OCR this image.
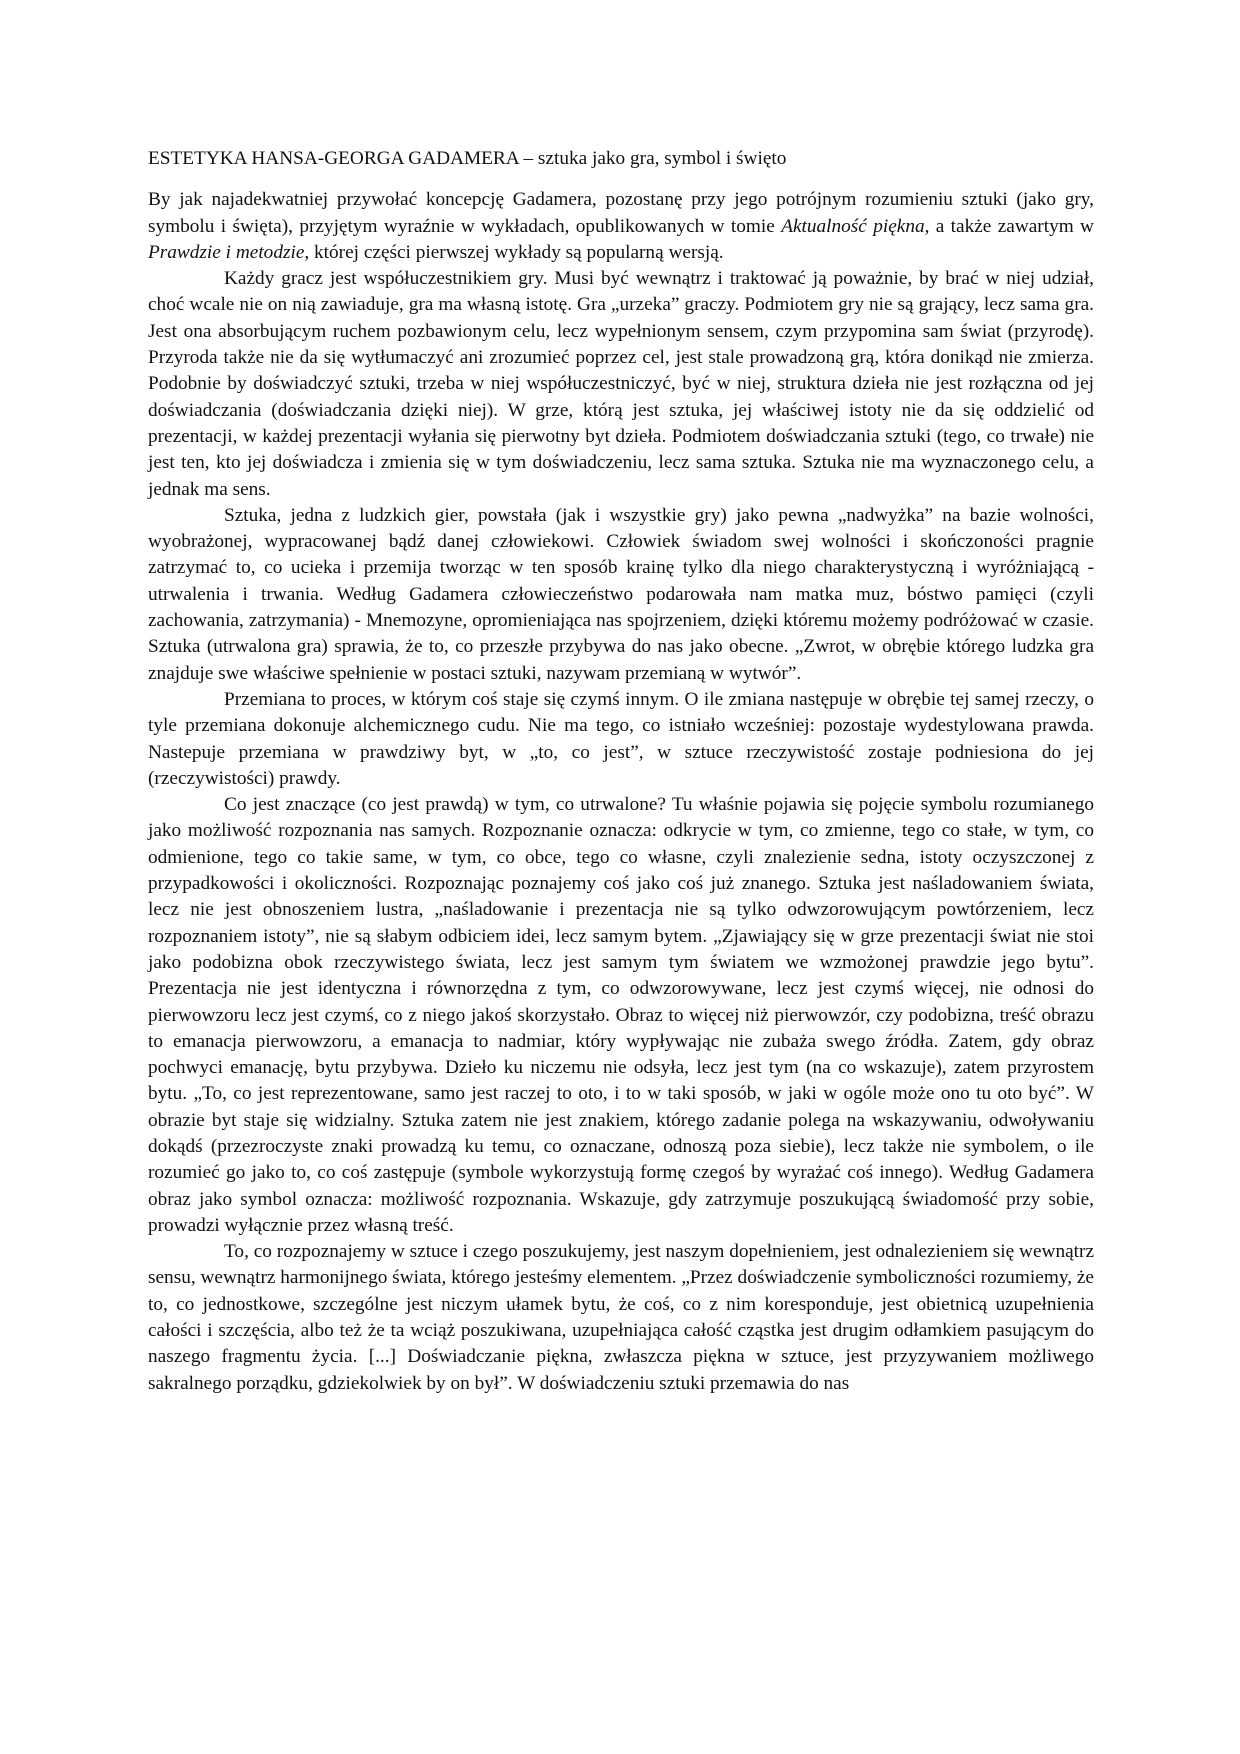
ESTETYKA HANSA-GEORGA GADAMERA – sztuka jako gra, symbol i święto

By jak najadekwatniej przywołać koncepcję Gadamera, pozostanę przy jego potrójnym rozumieniu sztuki (jako gry, symbolu i święta), przyjętym wyraźnie w wykładach, opublikowanych w tomie Aktualność piękna, a także zawartym w Prawdzie i metodzie, której części pierwszej wykłady są popularną wersją.

Każdy gracz jest współuczestnikiem gry. Musi być wewnątrz i traktować ją poważnie, by brać w niej udział, choć wcale nie on nią zawiaduje, gra ma własną istotę. Gra „urzeka” graczy. Podmiotem gry nie są grający, lecz sama gra. Jest ona absorbującym ruchem pozbawionym celu, lecz wypełnionym sensem, czym przypomina sam świat (przyrodę). Przyroda także nie da się wytłumaczyć ani zrozumieć poprzez cel, jest stale prowadzoną grą, która donikąd nie zmierza. Podobnie by doświadczyć sztuki, trzeba w niej współuczestniczyć, być w niej, struktura dzieła nie jest rozłączna od jej doświadczania (doświadczania dzięki niej). W grze, którą jest sztuka, jej właściwej istoty nie da się oddzielić od prezentacji, w każdej prezentacji wyłania się pierwotny byt dzieła. Podmiotem doświadczania sztuki (tego, co trwałe) nie jest ten, kto jej doświadcza i zmienia się w tym doświadczeniu, lecz sama sztuka. Sztuka nie ma wyznaczonego celu, a jednak ma sens.

Sztuka, jedna z ludzkich gier, powstała (jak i wszystkie gry) jako pewna „nadwyżka” na bazie wolności, wyobrażonej, wypracowanej bądź danej człowiekowi. Człowiek świadom swej wolności i skończoności pragnie zatrzymać to, co ucieka i przemija tworząc w ten sposób krainę tylko dla niego charakterystyczną i wyróżniającą - utrwalenia i trwania. Według Gadamera człowieczeństwo podarowała nam matka muz, bóstwo pamięci (czyli zachowania, zatrzymania) - Mnemozyne, opromieniająca nas spojrzeniem, dzięki któremu możemy podróżować w czasie. Sztuka (utrwalona gra) sprawia, że to, co przeszłe przybywa do nas jako obecne. „Zwrot, w obrębie którego ludzka gra znajduje swe właściwe spełnienie w postaci sztuki, nazywam przemianą w wytwór”.

Przemiana to proces, w którym coś staje się czymś innym. O ile zmiana następuje w obrębie tej samej rzeczy, o tyle przemiana dokonuje alchemicznego cudu. Nie ma tego, co istniało wcześniej: pozostaje wydestylowana prawda. Nastepuje przemiana w prawdziwy byt, w „to, co jest”, w sztuce rzeczywistość zostaje podniesiona do jej (rzeczywistości) prawdy.

Co jest znaczące (co jest prawdą) w tym, co utrwalone? Tu właśnie pojawia się pojęcie symbolu rozumianego jako możliwość rozpoznania nas samych. Rozpoznanie oznacza: odkrycie w tym, co zmienne, tego co stałe, w tym, co odmienione, tego co takie same, w tym, co obce, tego co własne, czyli znalezienie sedna, istoty oczyszczonej z przypadkowości i okoliczności. Rozpoznając poznajemy coś jako coś już znanego. Sztuka jest naśladowaniem świata, lecz nie jest obnoszeniem lustra, „naśladowanie i prezentacja nie są tylko odwzorowującym powtórzeniem, lecz rozpoznaniem istoty”, nie są słabym odbiciem idei, lecz samym bytem. „Zjawiający się w grze prezentacji świat nie stoi jako podobizna obok rzeczywistego świata, lecz jest samym tym światem we wzmożonej prawdzie jego bytu”. Prezentacja nie jest identyczna i równorzędna z tym, co odwzorowywane, lecz jest czymś więcej, nie odnosi do pierwowzoru lecz jest czymś, co z niego jakoś skorzystało. Obraz to więcej niż pierwowzór, czy podobizna, treść obrazu to emanacja pierwowzoru, a emanacja to nadmiar, który wypływając nie zubaża swego źródła. Zatem, gdy obraz pochwyci emanację, bytu przybywa. Dzieło ku niczemu nie odsyła, lecz jest tym (na co wskazuje), zatem przyrostem bytu. „To, co jest reprezentowane, samo jest raczej to oto, i to w taki sposób, w jaki w ogóle może ono tu oto być”. W obrazie byt staje się widzialny. Sztuka zatem nie jest znakiem, którego zadanie polega na wskazywaniu, odwoływaniu dokądś (przezroczyste znaki prowadzą ku temu, co oznaczane, odnoszą poza siebie), lecz także nie symbolem, o ile rozumieć go jako to, co coś zastępuje (symbole wykorzystują formę czegoś by wyrażać coś innego). Według Gadamera obraz jako symbol oznacza: możliwość rozpoznania. Wskazuje, gdy zatrzymuje poszukującą świadomość przy sobie, prowadzi wyłącznie przez własną treść.

To, co rozpoznajemy w sztuce i czego poszukujemy, jest naszym dopełnieniem, jest odnalezieniem się wewnątrz sensu, wewnątrz harmonijnego świata, którego jesteśmy elementem. „Przez doświadczenie symboliczności rozumiemy, że to, co jednostkowe, szczególne jest niczym ułamek bytu, że coś, co z nim koresponduje, jest obietnicą uzupełnienia całości i szczęścia, albo też że ta wciąż poszukiwana, uzupełniająca całość cząstka jest drugim odłamkiem pasującym do naszego fragmentu życia. [...] Doświadczanie piękna, zwłaszcza piękna w sztuce, jest przyzywaniem możliwego sakralnego porządku, gdziekolwiek by on był”. W doświadczeniu sztuki przemawia do nas
